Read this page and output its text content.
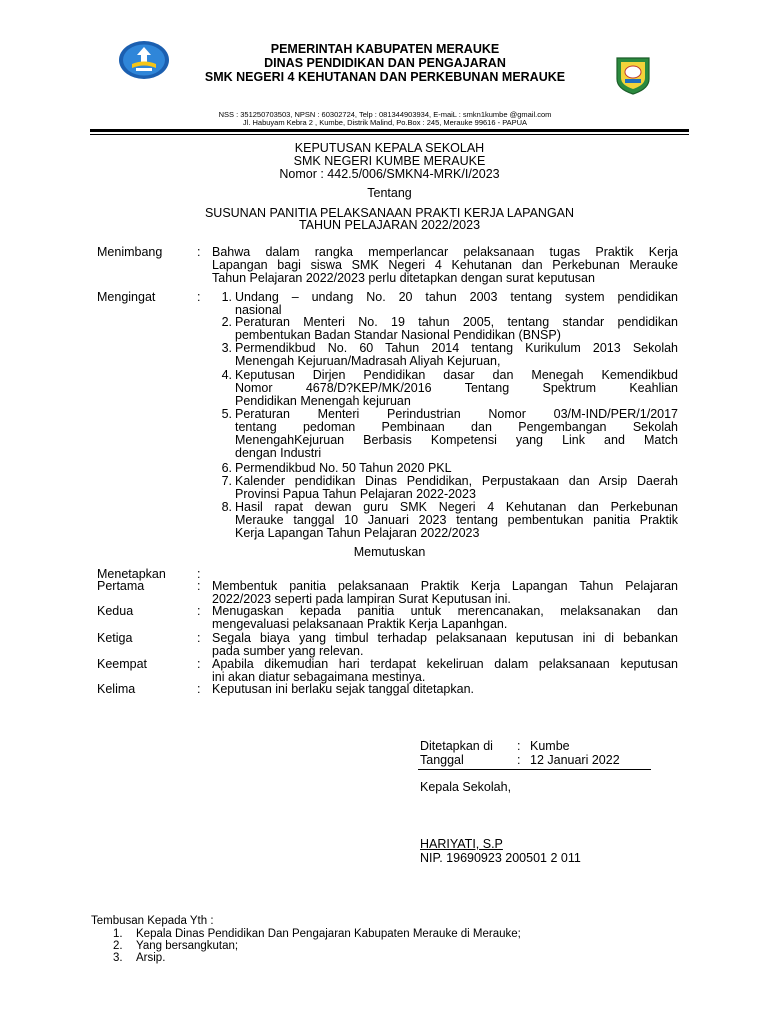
PEMERINTAH KABUPATEN MERAUKE
DINAS PENDIDIKAN DAN PENGAJARAN
SMK NEGERI 4 KEHUTANAN DAN PERKEBUNAN MERAUKE
NSS : 351250703503, NPSN : 60302724, Telp : 081344903934, E-maiL : smkn1kumbe @gmail.com
Jl. Habuyam Kebra 2 , Kumbe, Distrik Malind, Po.Box : 245, Merauke 99616 - PAPUA
KEPUTUSAN KEPALA SEKOLAH
SMK NEGERI KUMBE MERAUKE
Nomor : 442.5/006/SMKN4-MRK/I/2023
Tentang
SUSUNAN PANITIA PELAKSANAAN PRAKTI KERJA LAPANGAN
TAHUN PELAJARAN 2022/2023
Menimbang	: Bahwa dalam rangka memperlancar pelaksanaan tugas Praktik Kerja
Lapangan bagi siswa SMK Negeri 4 Kehutanan dan Perkebunan Merauke
Tahun Pelajaran 2022/2023 perlu ditetapkan dengan surat keputusan
Mengingat	:	1. Undang – undang No. 20 tahun 2003 tentang system pendidikan
nasional
2. Peraturan Menteri No. 19 tahun 2005, tentang standar pendidikan
pembentukan Badan Standar Nasional Pendidikan (BNSP)
3. Permendikbud No. 60 Tahun 2014 tentang Kurikulum 2013 Sekolah
Menengah Kejuruan/Madrasah Aliyah Kejuruan,
4. Keputusan Dirjen Pendidikan dasar dan Menegah Kemendikbud
Nomor 4678/D?KEP/MK/2016 Tentang Spektrum Keahlian
Pendidikan Menengah kejuruan
5. Peraturan Menteri Perindustrian Nomor 03/M-IND/PER/1/2017
tentang pedoman Pembinaan dan Pengembangan Sekolah
MenengahKejuruan Berbasis Kompetensi yang Link and Match
dengan Industri
6. Permendikbud No. 50 Tahun 2020 PKL
7. Kalender pendidikan Dinas Pendidikan, Perpustakaan dan Arsip Daerah
Provinsi Papua Tahun Pelajaran 2022-2023
8. Hasil rapat dewan guru SMK Negeri 4 Kehutanan dan Perkebunan
Merauke tanggal 10 Januari 2023 tentang pembentukan panitia Praktik
Kerja Lapangan Tahun Pelajaran 2022/2023
Memutuskan
Menetapkan :
Pertama	: Membentuk panitia pelaksanaan Praktik Kerja Lapangan Tahun Pelajaran
2022/2023 seperti pada lampiran Surat Keputusan ini.
Kedua	: Menugaskan kepada panitia untuk merencanakan, melaksanakan dan
mengevaluasi pelaksanaan Praktik Kerja Lapanhgan.
Ketiga	: Segala biaya yang timbul terhadap pelaksanaan keputusan ini di bebankan
pada sumber yang relevan.
Keempat	: Apabila dikemudian hari terdapat kekeliruan dalam pelaksanaan keputusan
ini akan diatur sebagaimana mestinya.
Kelima	: Keputusan ini berlaku sejak tanggal ditetapkan.
Ditetapkan di : Kumbe
Tanggal	: 12 Januari 2022
Kepala Sekolah,
HARIYATI, S.P
NIP. 19690923 200501 2 011
Tembusan Kepada Yth :
1. Kepala Dinas Pendidikan Dan Pengajaran Kabupaten Merauke di Merauke;
2. Yang bersangkutan;
3. Arsip.
